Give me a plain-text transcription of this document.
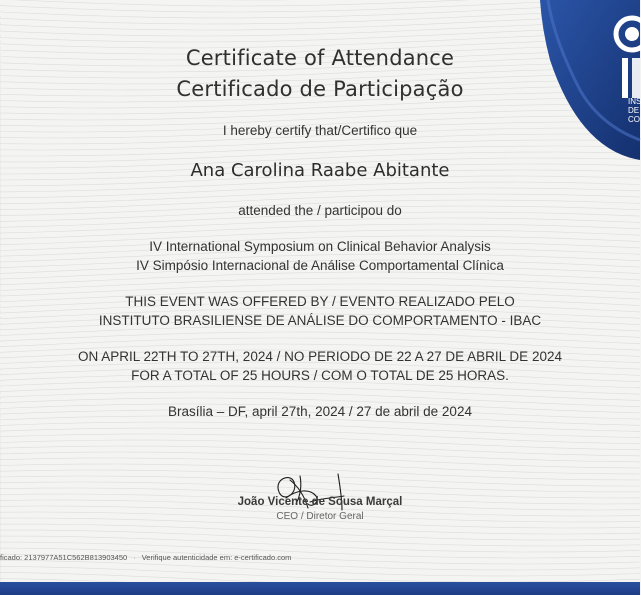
INS
DE
CO
Certificate of Attendance
Certificado de Participação
I hereby certify that/Certifico que
Ana Carolina Raabe Abitante
attended the / participou do
IV International Symposium on Clinical Behavior Analysis
IV Simpósio Internacional de Análise Comportamental Clínica
THIS EVENT WAS OFFERED BY / EVENTO REALIZADO PELO
INSTITUTO BRASILIENSE DE ANÁLISE DO COMPORTAMENTO - IBAC
ON APRIL 22TH TO 27TH, 2024 / NO PERIODO DE 22 A 27 DE ABRIL DE 2024
FOR A TOTAL OF 25 HOURS / COM O TOTAL DE 25 HORAS.
Brasília – DF, april 27th, 2024 / 27 de abril de 2024
João Vicente de Sousa Marçal
CEO / Diretor Geral
ficado: 2137977A51C562B813903450 · Verifique autenticidade em: e-certificado.com
